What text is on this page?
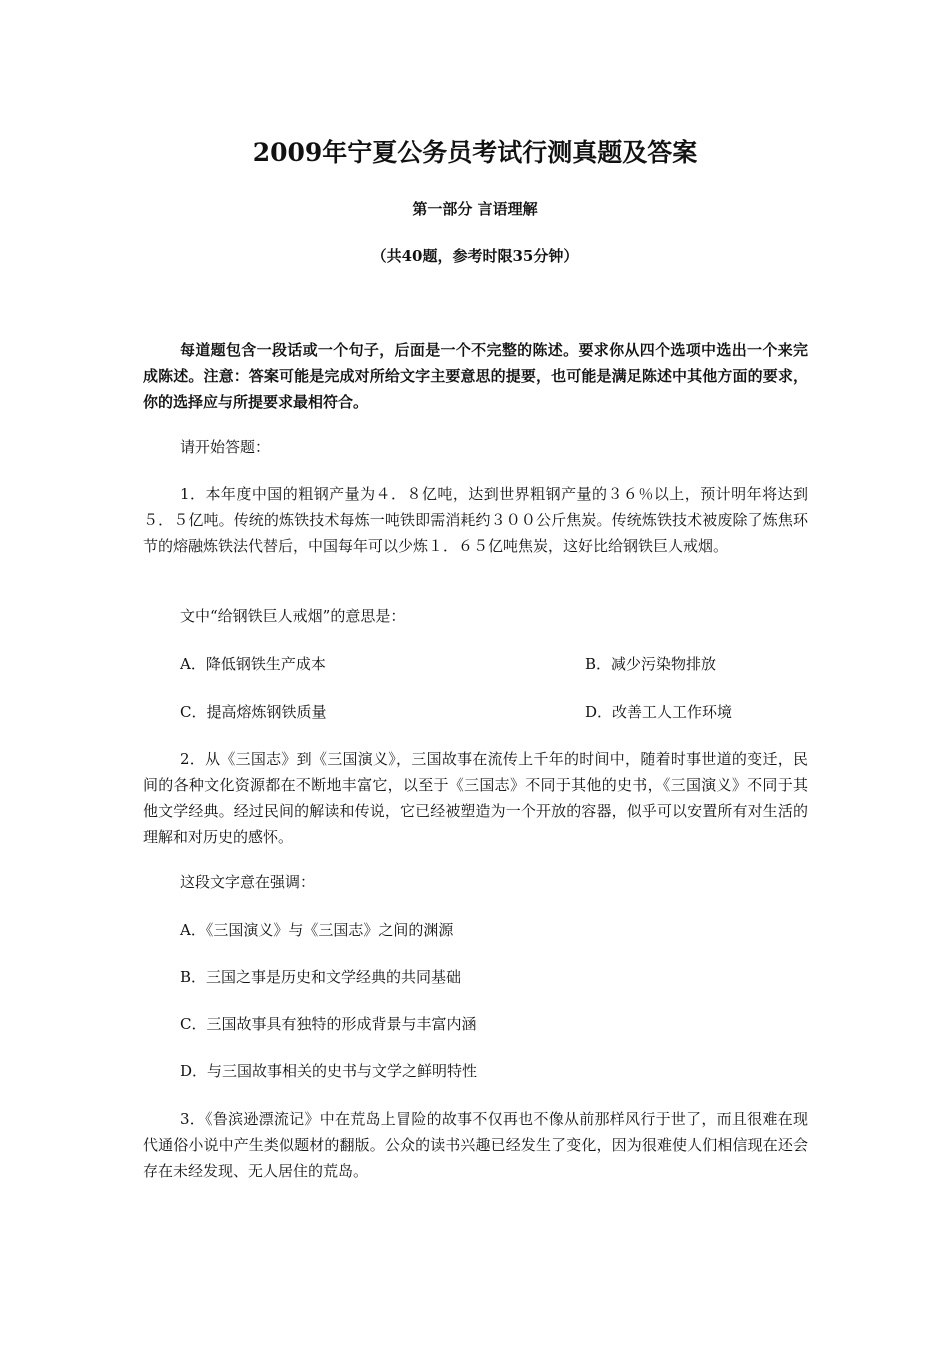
2009年宁夏公务员考试行测真题及答案
第一部分 言语理解
（共40题，参考时限35分钟）

每道题包含一段话或一个句子，后面是一个不完整的陈述。要求你从四个选项中选出一个来完成陈述。注意：答案可能是完成对所给文字主要意思的提要，也可能是满足陈述中其他方面的要求，你的选择应与所提要求最相符合。

请开始答题：

1．本年度中国的粗钢产量为４．８亿吨，达到世界粗钢产量的３６％以上，预计明年将达到５．５亿吨。传统的炼铁技术每炼一吨铁即需消耗约３００公斤焦炭。传统炼铁技术被废除了炼焦环节的熔融炼铁法代替后，中国每年可以少炼１．６５亿吨焦炭，这好比给钢铁巨人戒烟。

文中“给钢铁巨人戒烟”的意思是：
A．降低钢铁生产成本	B．减少污染物排放
C．提高熔炼钢铁质量	D．改善工人工作环境

2．从《三国志》到《三国演义》，三国故事在流传上千年的时间中，随着时事世道的变迁，民间的各种文化资源都在不断地丰富它，以至于《三国志》不同于其他的史书，《三国演义》不同于其他文学经典。经过民间的解读和传说，它已经被塑造为一个开放的容器，似乎可以安置所有对生活的理解和对历史的感怀。

这段文字意在强调：
A．《三国演义》与《三国志》之间的渊源
B．三国之事是历史和文学经典的共同基础
C．三国故事具有独特的形成背景与丰富内涵
D．与三国故事相关的史书与文学之鲜明特性

3．《鲁滨逊漂流记》中在荒岛上冒险的故事不仅再也不像从前那样风行于世了，而且很难在现代通俗小说中产生类似题材的翻版。公众的读书兴趣已经发生了变化，因为很难使人们相信现在还会存在未经发现、无人居住的荒岛。
